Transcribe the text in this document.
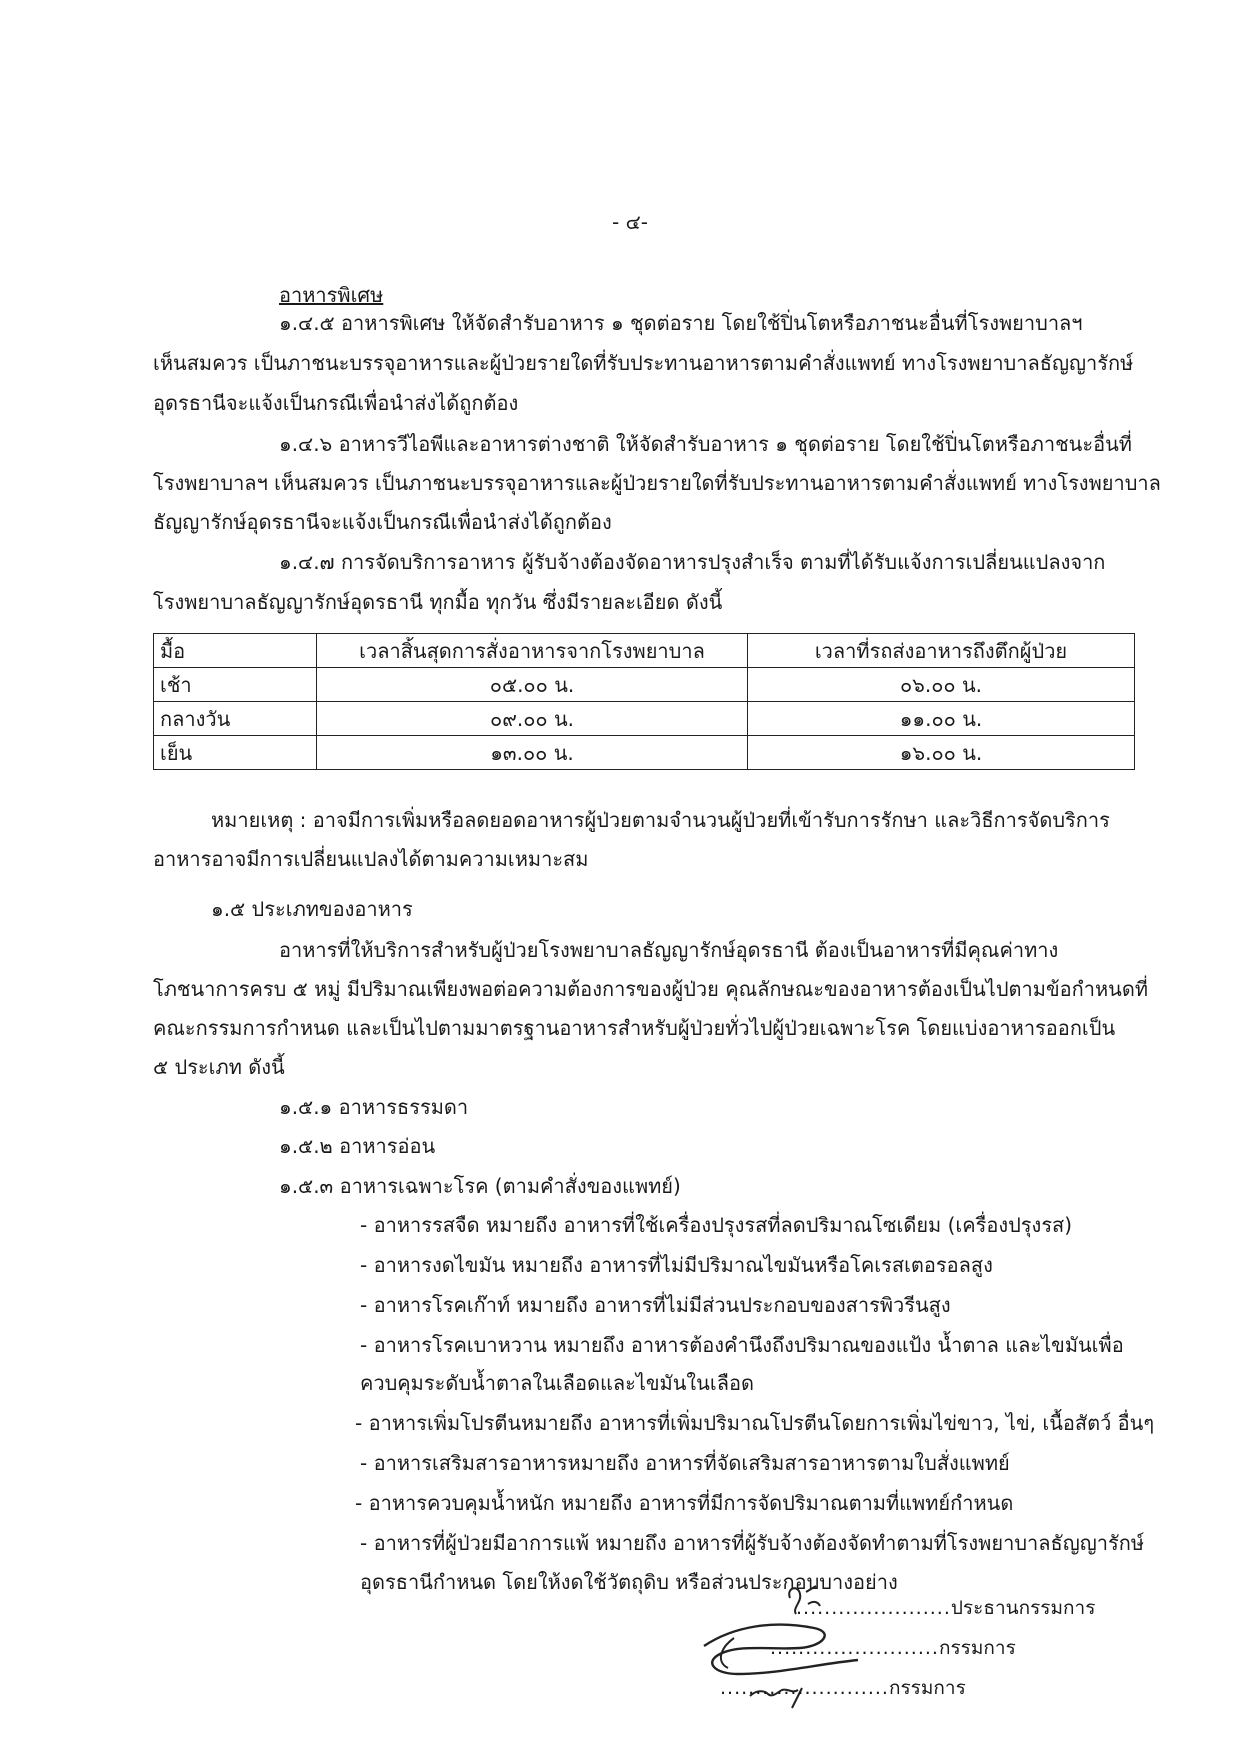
- ๔-
อาหารพิเศษ
๑.๔.๕ อาหารพิเศษ ให้จัดสำรับอาหาร ๑ ชุดต่อราย โดยใช้ปิ่นโตหรือภาชนะอื่นที่โรงพยาบาลฯ
เห็นสมควร เป็นภาชนะบรรจุอาหารและผู้ป่วยรายใดที่รับประทานอาหารตามคำสั่งแพทย์ ทางโรงพยาบาลธัญญารักษ์
อุดรธานีจะแจ้งเป็นกรณีเพื่อนำส่งได้ถูกต้อง
๑.๔.๖ อาหารวีไอพีและอาหารต่างชาติ ให้จัดสำรับอาหาร ๑ ชุดต่อราย โดยใช้ปิ่นโตหรือภาชนะอื่นที่
โรงพยาบาลฯ เห็นสมควร เป็นภาชนะบรรจุอาหารและผู้ป่วยรายใดที่รับประทานอาหารตามคำสั่งแพทย์ ทางโรงพยาบาล
ธัญญารักษ์อุดรธานีจะแจ้งเป็นกรณีเพื่อนำส่งได้ถูกต้อง
๑.๔.๗ การจัดบริการอาหาร ผู้รับจ้างต้องจัดอาหารปรุงสำเร็จ ตามที่ได้รับแจ้งการเปลี่ยนแปลงจาก
โรงพยาบาลธัญญารักษ์อุดรธานี ทุกมื้อ ทุกวัน ซึ่งมีรายละเอียด ดังนี้
มื้อ	เวลาสิ้นสุดการสั่งอาหารจากโรงพยาบาล	เวลาที่รถส่งอาหารถึงตึกผู้ป่วย
เช้า	๐๕.๐๐ น.	๐๖.๐๐ น.
กลางวัน	๐๙.๐๐ น.	๑๑.๐๐ น.
เย็น	๑๓.๐๐ น.	๑๖.๐๐ น.
หมายเหตุ : อาจมีการเพิ่มหรือลดยอดอาหารผู้ป่วยตามจำนวนผู้ป่วยที่เข้ารับการรักษา และวิธีการจัดบริการ
อาหารอาจมีการเปลี่ยนแปลงได้ตามความเหมาะสม
๑.๕ ประเภทของอาหาร
อาหารที่ให้บริการสำหรับผู้ป่วยโรงพยาบาลธัญญารักษ์อุดรธานี ต้องเป็นอาหารที่มีคุณค่าทาง
โภชนาการครบ ๕ หมู่ มีปริมาณเพียงพอต่อความต้องการของผู้ป่วย คุณลักษณะของอาหารต้องเป็นไปตามข้อกำหนดที่
คณะกรรมการกำหนด และเป็นไปตามมาตรฐานอาหารสำหรับผู้ป่วยทั่วไปผู้ป่วยเฉพาะโรค โดยแบ่งอาหารออกเป็น
๕ ประเภท ดังนี้
๑.๕.๑ อาหารธรรมดา
๑.๕.๒ อาหารอ่อน
๑.๕.๓ อาหารเฉพาะโรค (ตามคำสั่งของแพทย์)
- อาหารรสจืด หมายถึง อาหารที่ใช้เครื่องปรุงรสที่ลดปริมาณโซเดียม (เครื่องปรุงรส)
- อาหารงดไขมัน หมายถึง อาหารที่ไม่มีปริมาณไขมันหรือโคเรสเตอรอลสูง
- อาหารโรคเก๊าท์ หมายถึง อาหารที่ไม่มีส่วนประกอบของสารพิวรีนสูง
- อาหารโรคเบาหวาน หมายถึง อาหารต้องคำนึงถึงปริมาณของแป้ง น้ำตาล และไขมันเพื่อ
ควบคุมระดับน้ำตาลในเลือดและไขมันในเลือด
- อาหารเพิ่มโปรตีนหมายถึง อาหารที่เพิ่มปริมาณโปรตีนโดยการเพิ่มไข่ขาว, ไข่, เนื้อสัตว์ อื่นๆ
- อาหารเสริมสารอาหารหมายถึง อาหารที่จัดเสริมสารอาหารตามใบสั่งแพทย์
- อาหารควบคุมน้ำหนัก หมายถึง อาหารที่มีการจัดปริมาณตามที่แพทย์กำหนด
- อาหารที่ผู้ป่วยมีอาการแพ้ หมายถึง อาหารที่ผู้รับจ้างต้องจัดทำตามที่โรงพยาบาลธัญญารักษ์
อุดรธานีกำหนด โดยให้งดใช้วัตถุดิบ หรือส่วนประกอบบางอย่าง
......................ประธานกรรมการ
........................กรรมการ
........................กรรมการ
